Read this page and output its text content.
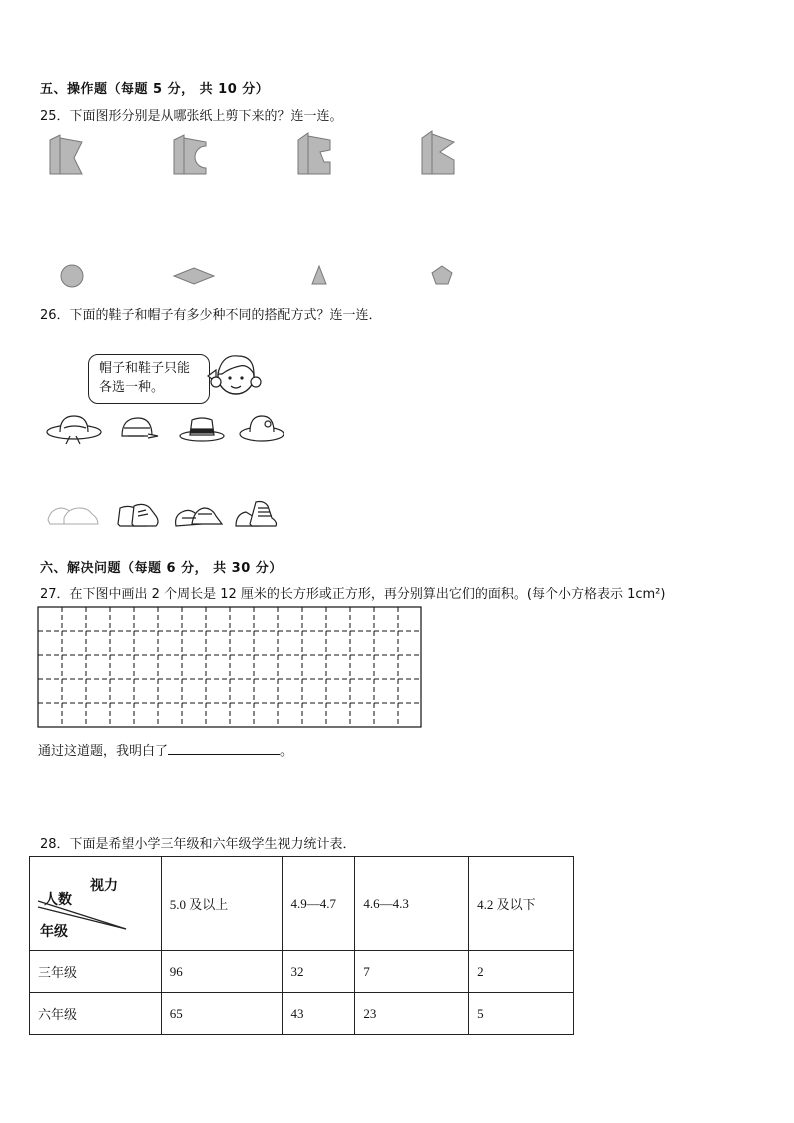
五、操作题（每题 5 分， 共 10 分）
25．下面图形分别是从哪张纸上剪下来的？连一连。
26．下面的鞋子和帽子有多少种不同的搭配方式？连一连．
帽子和鞋子只能
各选一种。
六、解决问题（每题 6 分， 共 30 分）
27．在下图中画出 2 个周长是 12 厘米的长方形或正方形，再分别算出它们的面积。(每个小方格表示 1cm²)
通过这道题，我明白了	。
28．下面是希望小学三年级和六年级学生视力统计表．
视力
人数
年级	5.0 及以上	4.9—4.7	4.6—4.3	4.2 及以下
三年级	96	32	7	2
六年级	65	43	23	5
